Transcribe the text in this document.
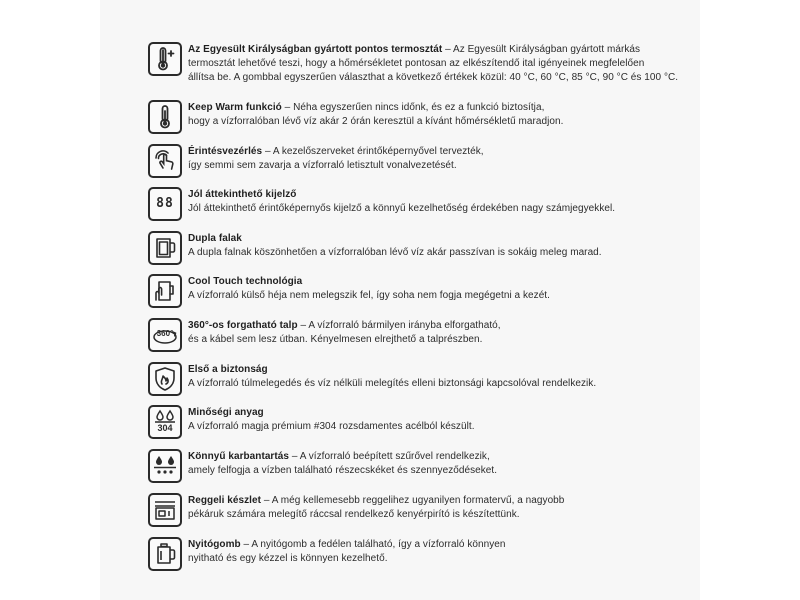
Az Egyesült Királyságban gyártott pontos termosztát – Az Egyesült Királyságban gyártott márkás
termosztát lehetővé teszi, hogy a hőmérsékletet pontosan az elkészítendő ital igényeinek megfelelően
állítsa be. A gombbal egyszerűen választhat a következő értékek közül: 40 °C, 60 °C, 85 °C, 90 °C és 100 °C.
Keep Warm funkció – Néha egyszerűen nincs időnk, és ez a funkció biztosítja,
hogy a vízforralóban lévő víz akár 2 órán keresztül a kívánt hőmérsékletű maradjon.
Érintésvezérlés – A kezelőszerveket érintőképernyővel tervezték,
így semmi sem zavarja a vízforraló letisztult vonalvezetését.
88
Jól áttekinthető kijelző
Jól áttekinthető érintőképernyős kijelző a könnyű kezelhetőség érdekében nagy számjegyekkel.
Dupla falak
A dupla falnak köszönhetően a vízforralóban lévő víz akár passzívan is sokáig meleg marad.
Cool Touch technológia
A vízforraló külső héja nem melegszik fel, így soha nem fogja megégetni a kezét.
360°
360°-os forgatható talp – A vízforraló bármilyen irányba elforgatható,
és a kábel sem lesz útban. Kényelmesen elrejthető a talprészben.
Első a biztonság
A vízforraló túlmelegedés és víz nélküli melegítés elleni biztonsági kapcsolóval rendelkezik.
304
Minőségi anyag
A vízforraló magja prémium #304 rozsdamentes acélból készült.
Könnyű karbantartás – A vízforraló beépített szűrővel rendelkezik,
amely felfogja a vízben található részecskéket és szennyeződéseket.
Reggeli készlet – A még kellemesebb reggelihez ugyanilyen formatervű, a nagyobb
pékáruk számára melegítő ráccsal rendelkező kenyérpirító is készítettünk.
Nyitógomb – A nyitógomb a fedélen található, így a vízforraló könnyen
nyitható és egy kézzel is könnyen kezelhető.
